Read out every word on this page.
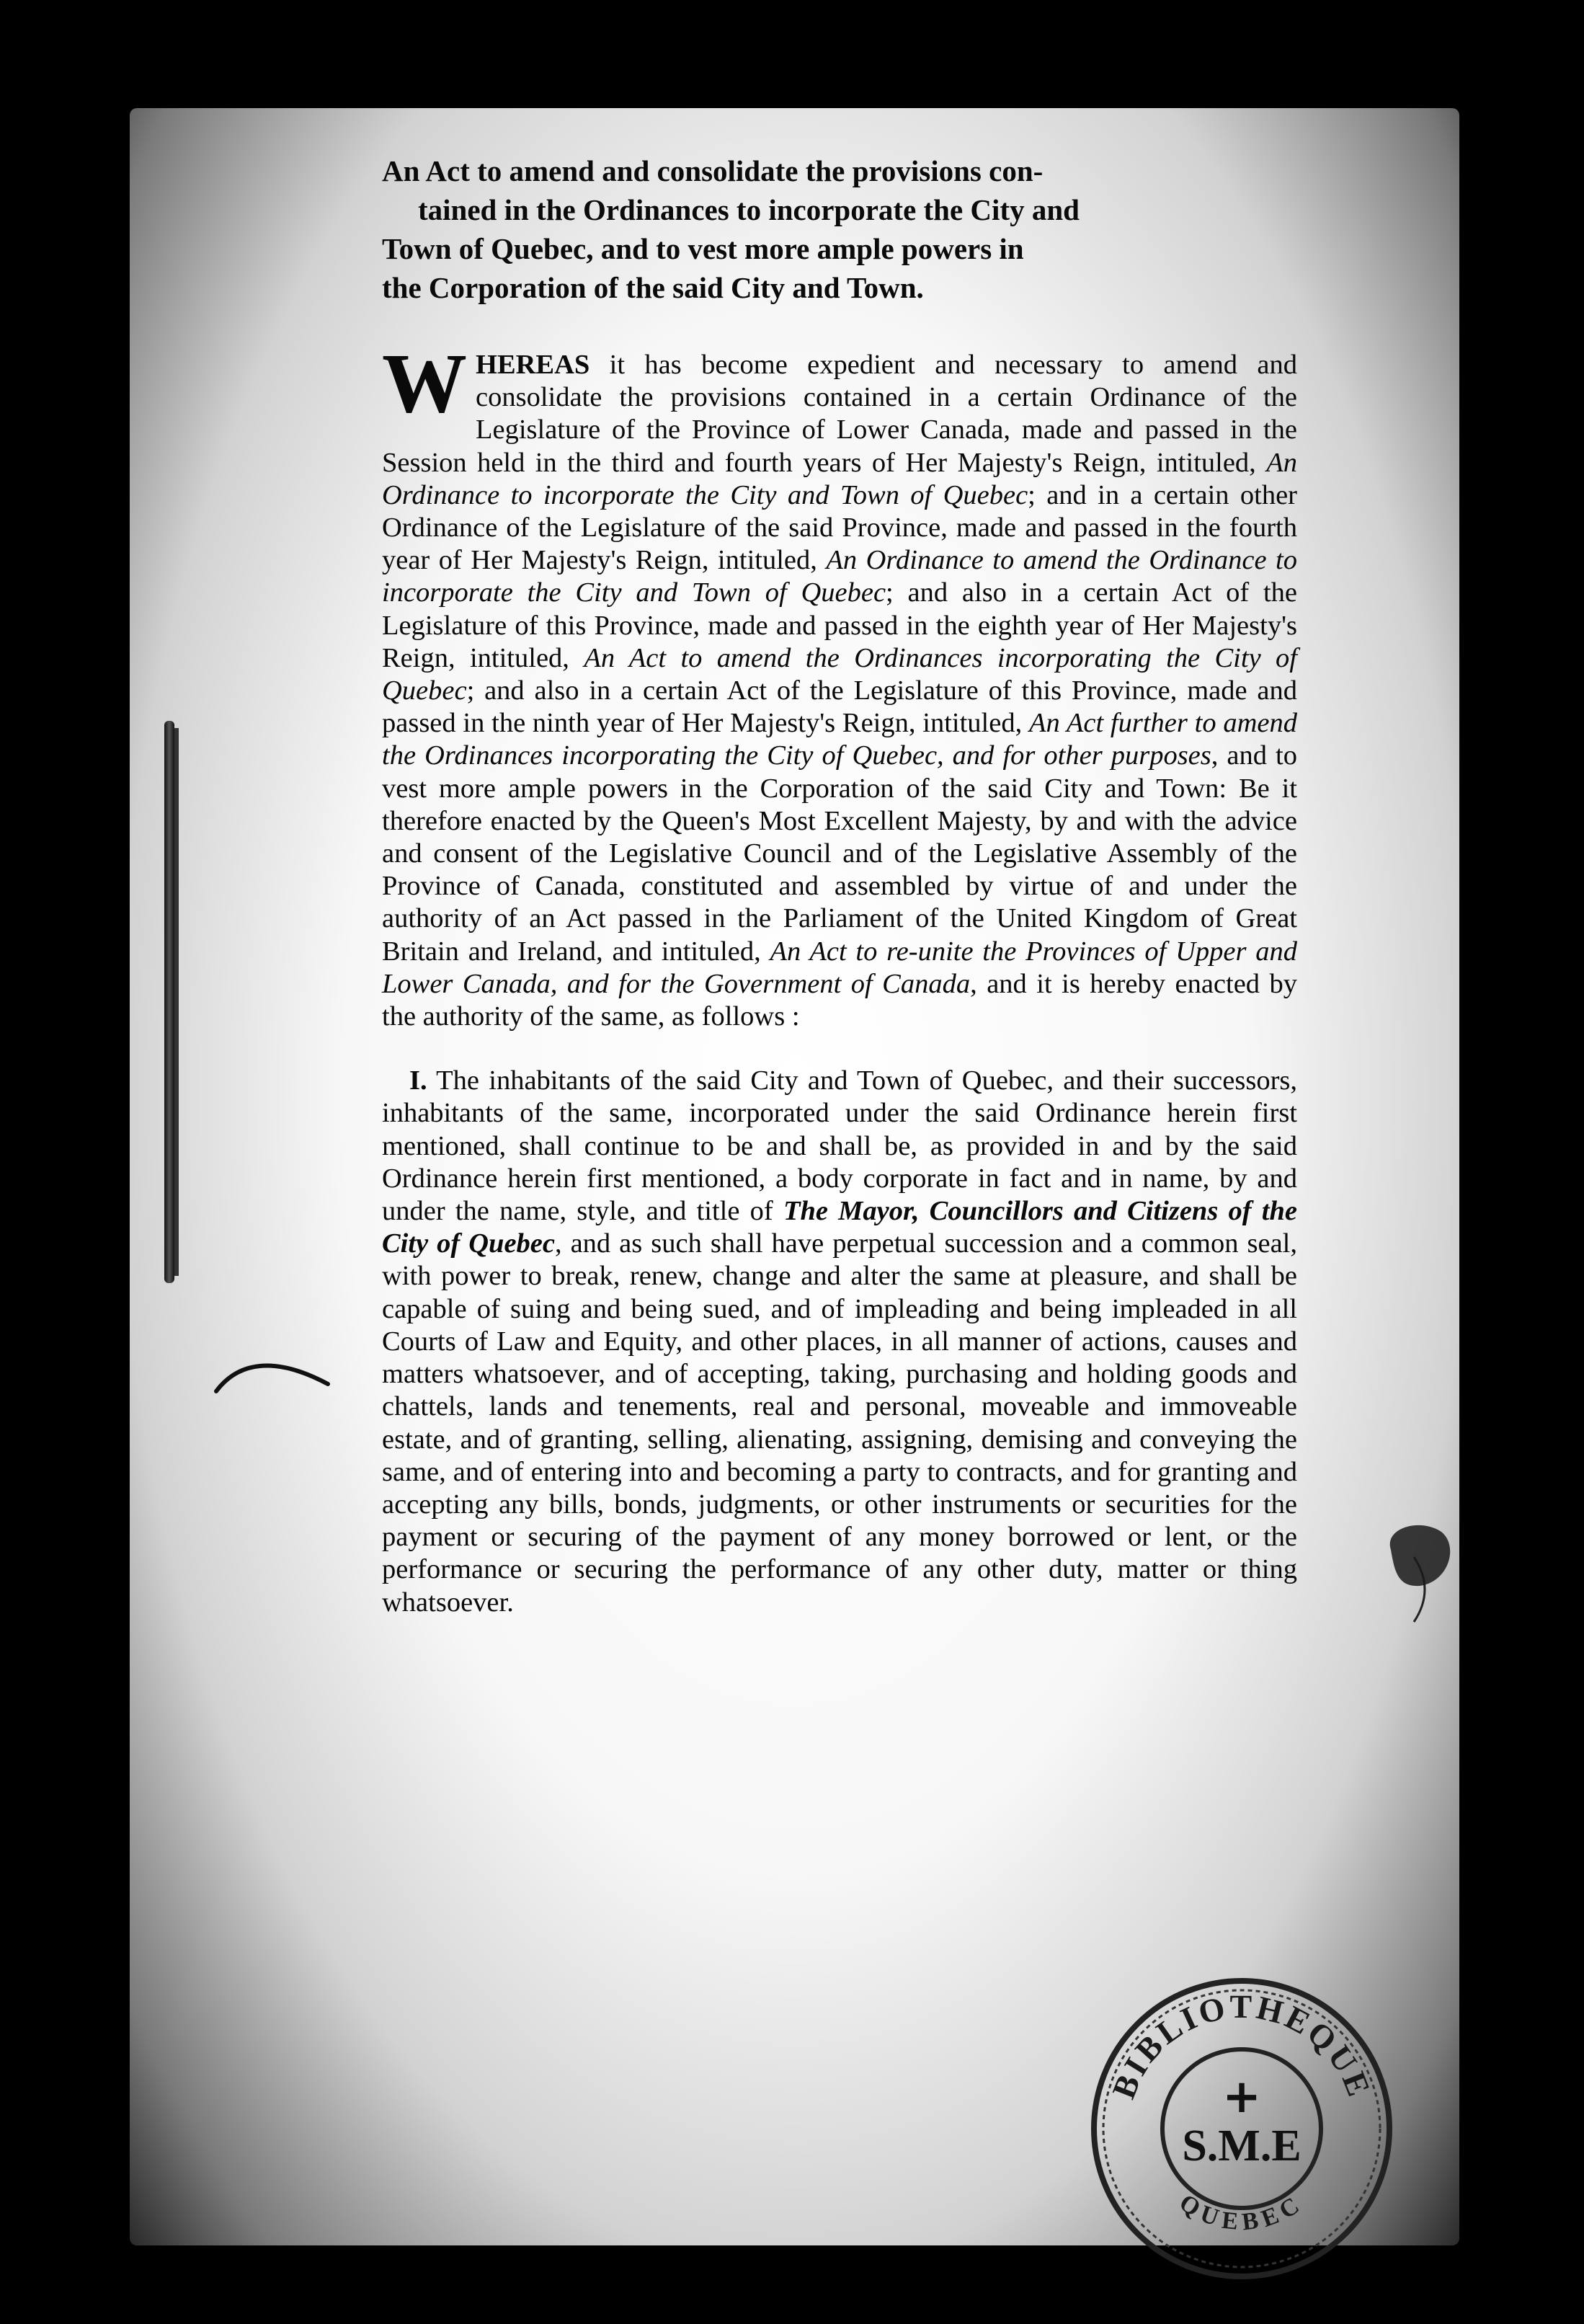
An Act to amend and consolidate the provisions con-
tained in the Ordinances to incorporate the City and
Town of Quebec, and to vest more ample powers in
the Corporation of the said City and Town.

WHEREAS it has become expedient and necessary to amend and consolidate the provisions contained in a certain Ordinance of the Legislature of the Province of Lower Canada, made and passed in the Session held in the third and fourth years of Her Majesty's Reign, intituled, An Ordinance to incorporate the City and Town of Quebec; and in a certain other Ordinance of the Legislature of the said Province, made and passed in the fourth year of Her Majesty's Reign, intituled, An Ordinance to amend the Ordinance to incorporate the City and Town of Quebec; and also in a certain Act of the Legislature of this Province, made and passed in the eighth year of Her Majesty's Reign, intituled, An Act to amend the Ordinances incorporating the City of Quebec; and also in a certain Act of the Legislature of this Province, made and passed in the ninth year of Her Majesty's Reign, intituled, An Act further to amend the Ordinances incorporating the City of Quebec, and for other purposes, and to vest more ample powers in the Corporation of the said City and Town: Be it therefore enacted by the Queen's Most Excellent Majesty, by and with the advice and consent of the Legislative Council and of the Legislative Assembly of the Province of Canada, constituted and assembled by virtue of and under the authority of an Act passed in the Parliament of the United Kingdom of Great Britain and Ireland, and intituled, An Act to re-unite the Provinces of Upper and Lower Canada, and for the Government of Canada, and it is hereby enacted by the authority of the same, as follows :

I. The inhabitants of the said City and Town of Quebec, and their successors, inhabitants of the same, incorporated under the said Ordinance herein first mentioned, shall continue to be and shall be, as provided in and by the said Ordinance herein first mentioned, a body corporate in fact and in name, by and under the name, style, and title of The Mayor, Councillors and Citizens of the City of Quebec, and as such shall have perpetual succession and a common seal, with power to break, renew, change and alter the same at pleasure, and shall be capable of suing and being sued, and of impleading and being impleaded in all Courts of Law and Equity, and other places, in all manner of actions, causes and matters whatsoever, and of accepting, taking, purchasing and holding goods and chattels, lands and tenements, real and personal, moveable and immoveable estate, and of granting, selling, alienating, assigning, demising and conveying the same, and of entering into and becoming a party to contracts, and for granting and accepting any bills, bonds, judgments, or other instruments or securities for the payment or securing of the payment of any money borrowed or lent, or the performance or securing the performance of any other duty, matter or thing whatsoever.

BIBLIOTHEQUE
QUEBEC
+
S.M.E
